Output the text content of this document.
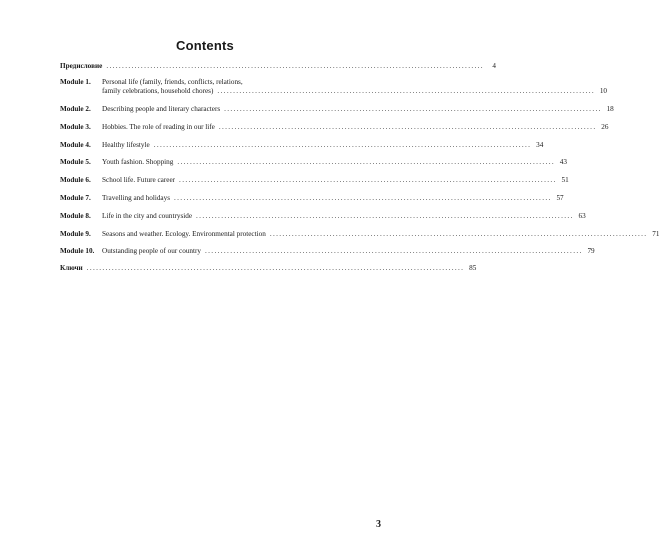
Contents
Предисловие ........................................................................................................................	4
Module 1. Personal life (family, friends, conflicts, relations,
family celebrations, household chores) ........................................................................................................................ 10
Module 2. Describing people and literary characters ........................................................................................................................ 18
Module 3. Hobbies. The role of reading in our life ........................................................................................................................ 26
Module 4. Healthy lifestyle ........................................................................................................................ 34
Module 5. Youth fashion. Shopping ........................................................................................................................ 43
Module 6. School life. Future career ........................................................................................................................ 51
Module 7. Travelling and holidays ........................................................................................................................ 57
Module 8. Life in the city and countryside ........................................................................................................................ 63
Module 9. Seasons and weather. Ecology. Environmental protection ........................................................................................................................ 71
Module 10. Outstanding people of our country ........................................................................................................................ 79
Ключи ........................................................................................................................ 85
3
